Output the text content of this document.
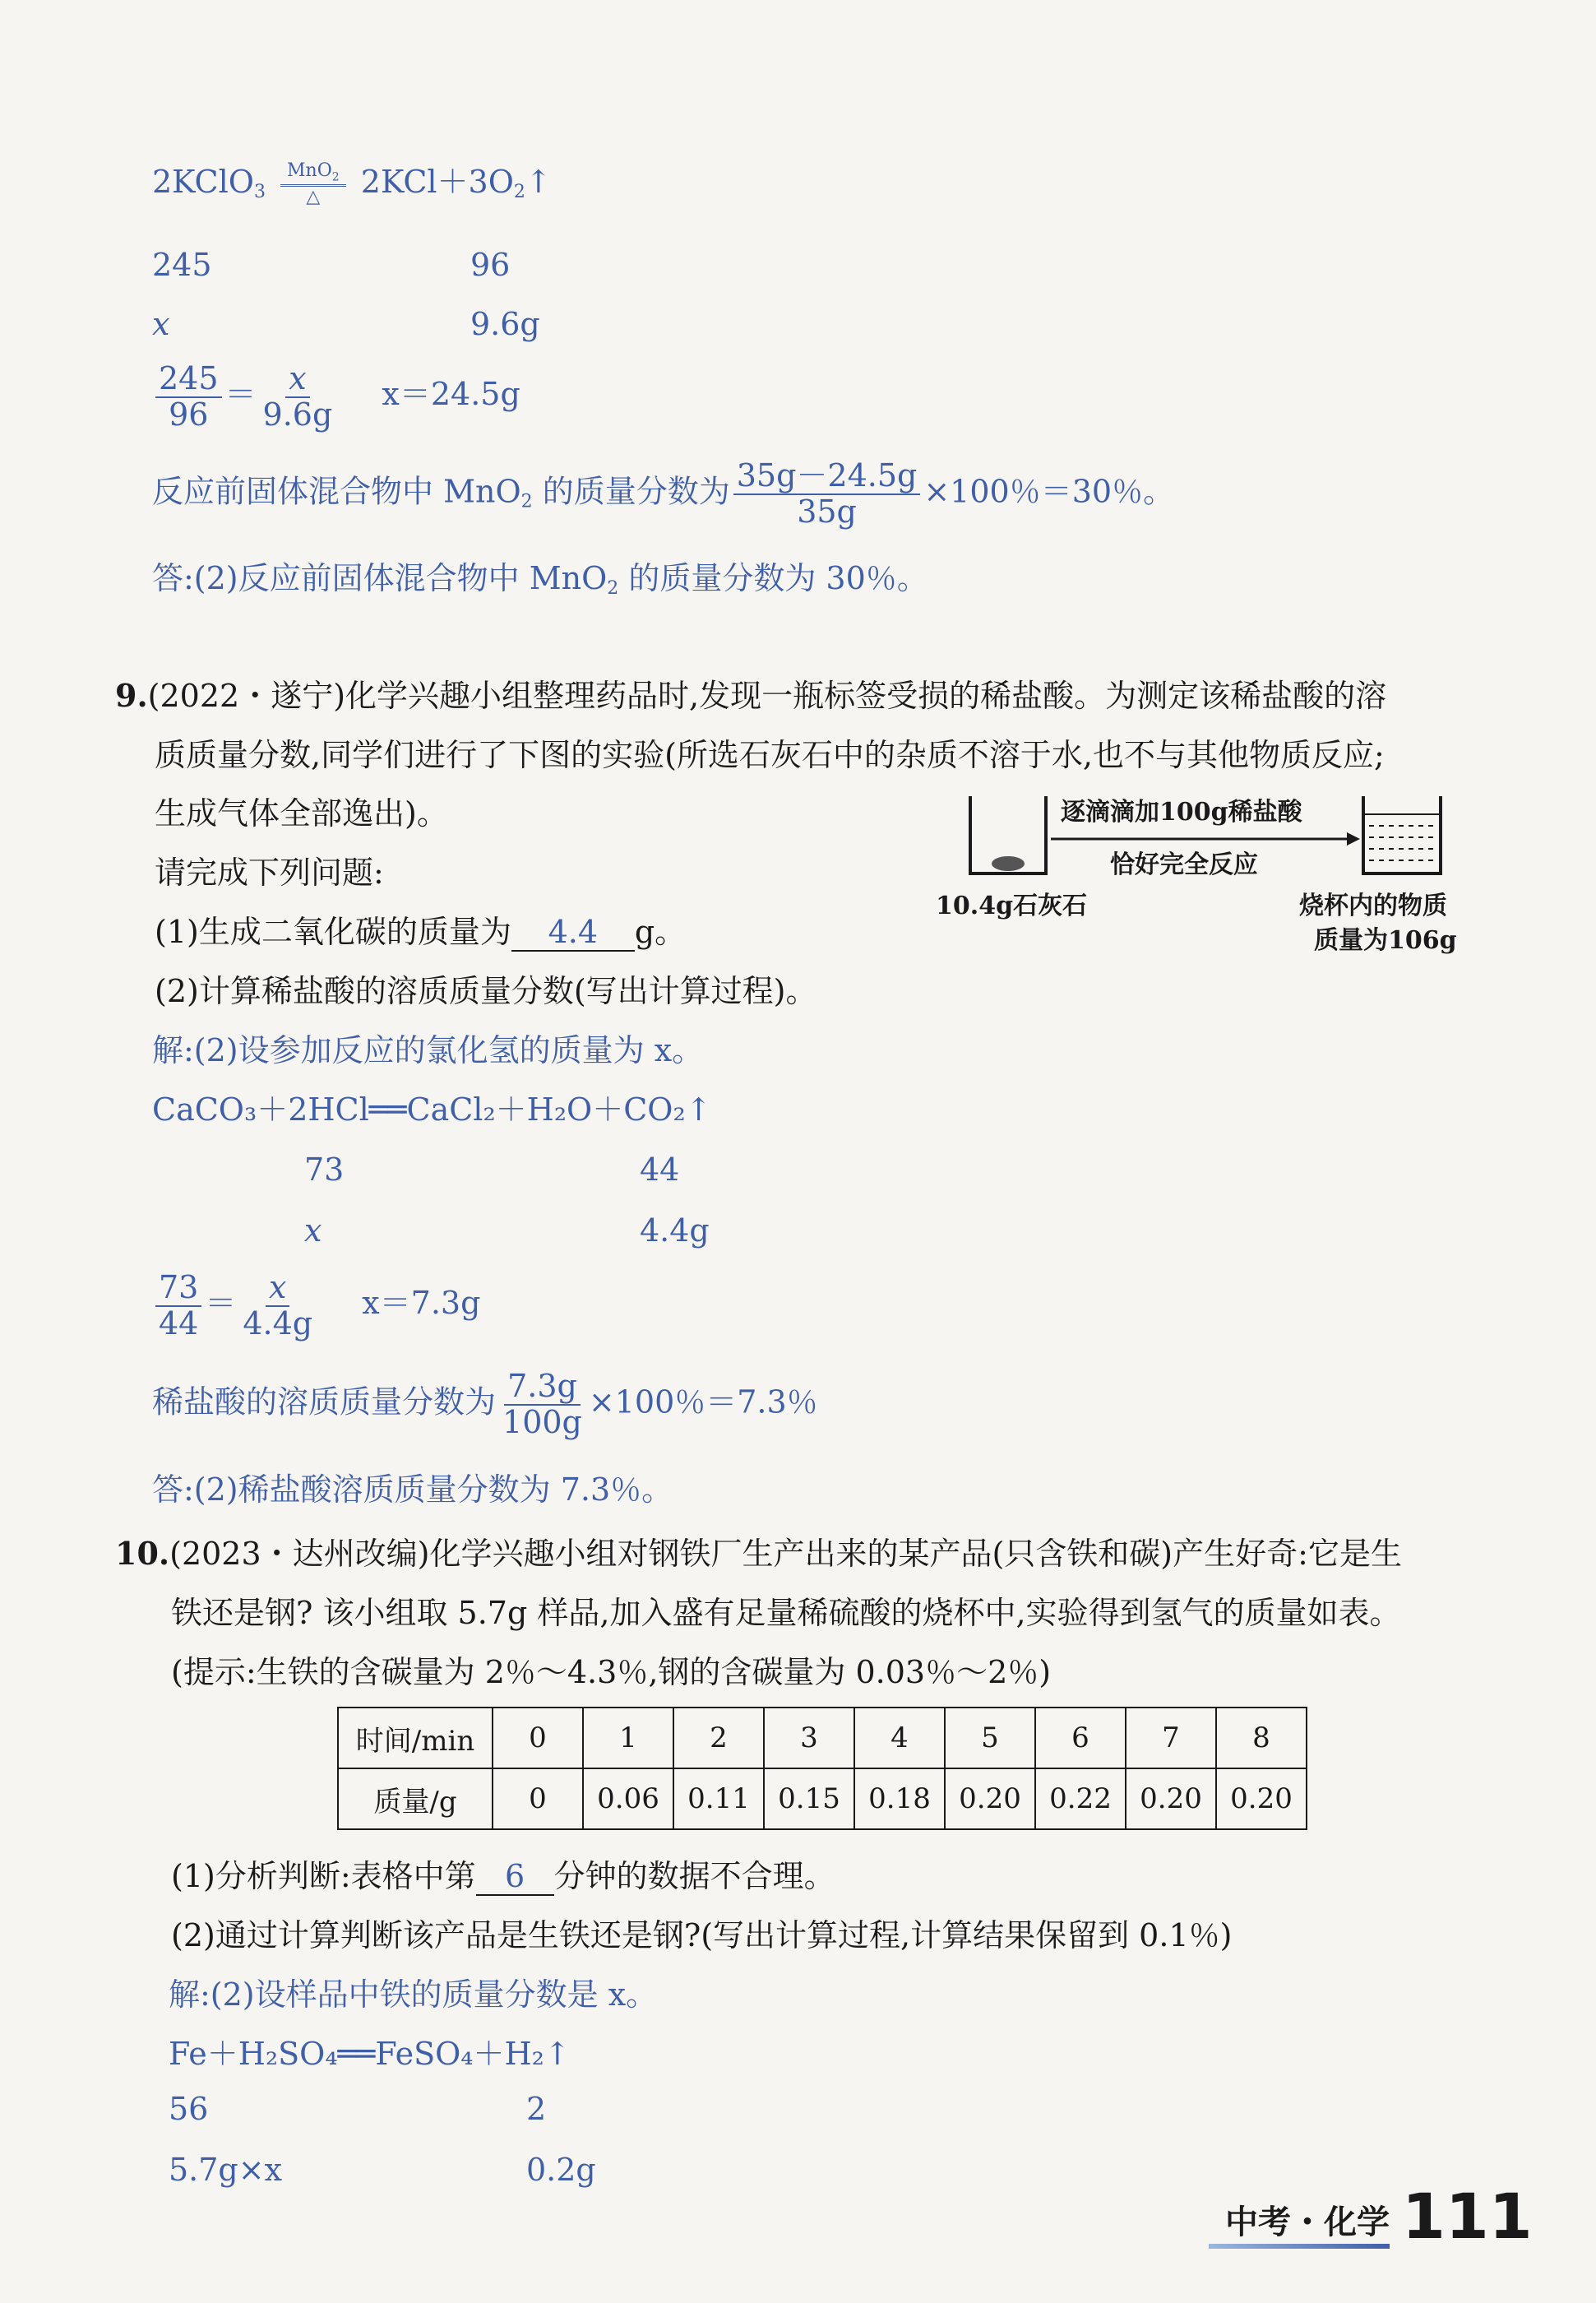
2KClO$_3$
MnO$_2$
△ $2KCl+3O_2↑$
245	96
x	9.6g
$\frac{245}{96} = \frac{x}{9.6g} x=24.5g$
反应前固体混合物中 MnO$_2$ 的质量分数为 $\frac{35g-24.5g}{35g} \times 100$％＝30％。
答:(2)反应前固体混合物中 MnO$_2$ 的质量分数为 30％。
9.(2022・遂宁)化学兴趣小组整理药品时,发现一瓶标签受损的稀盐酸。为测定该稀盐酸的溶
质质量分数,同学们进行了下图的实验(所选石灰石中的杂质不溶于水,也不与其他物质反应;
生成气体全部逸出)。
请完成下列问题:
(1)生成二氧化碳的质量为 4.4 g。
(2)计算稀盐酸的溶质质量分数(写出计算过程)。
逐滴滴加100g稀盐酸
恰好完全反应
10.4g石灰石	烧杯内的物质
质量为106g
解:(2)设参加反应的氯化氢的质量为 x。
CaCO₃＋2HCl══CaCl₂＋H₂O＋CO₂↑
73	44
x	4.4g
$\frac{73}{44} = \frac{x}{4.4g} x=7.3g$
稀盐酸的溶质质量分数为 $\frac{7.3g}{100g} \times 100$％＝7.3％
答:(2)稀盐酸溶质质量分数为 7.3％。
10.(2023・达州改编)化学兴趣小组对钢铁厂生产出来的某产品(只含铁和碳)产生好奇:它是生
铁还是钢? 该小组取 5.7g 样品,加入盛有足量稀硫酸的烧杯中,实验得到氢气的质量如表。
(提示:生铁的含碳量为 2％～4.3％,钢的含碳量为 0.03％～2％)
时间/min	0	1	2	3	4	5	6	7	8
质量/g	0	0.06	0.11	0.15	0.18	0.20	0.22	0.20	0.20
(1)分析判断:表格中第 6 分钟的数据不合理。
(2)通过计算判断该产品是生铁还是钢?(写出计算过程,计算结果保留到 0.1％)
解:(2)设样品中铁的质量分数是 x。
Fe＋H₂SO₄══FeSO₄＋H₂↑
56	2
5.7g×x	0.2g
中考・化学 111
